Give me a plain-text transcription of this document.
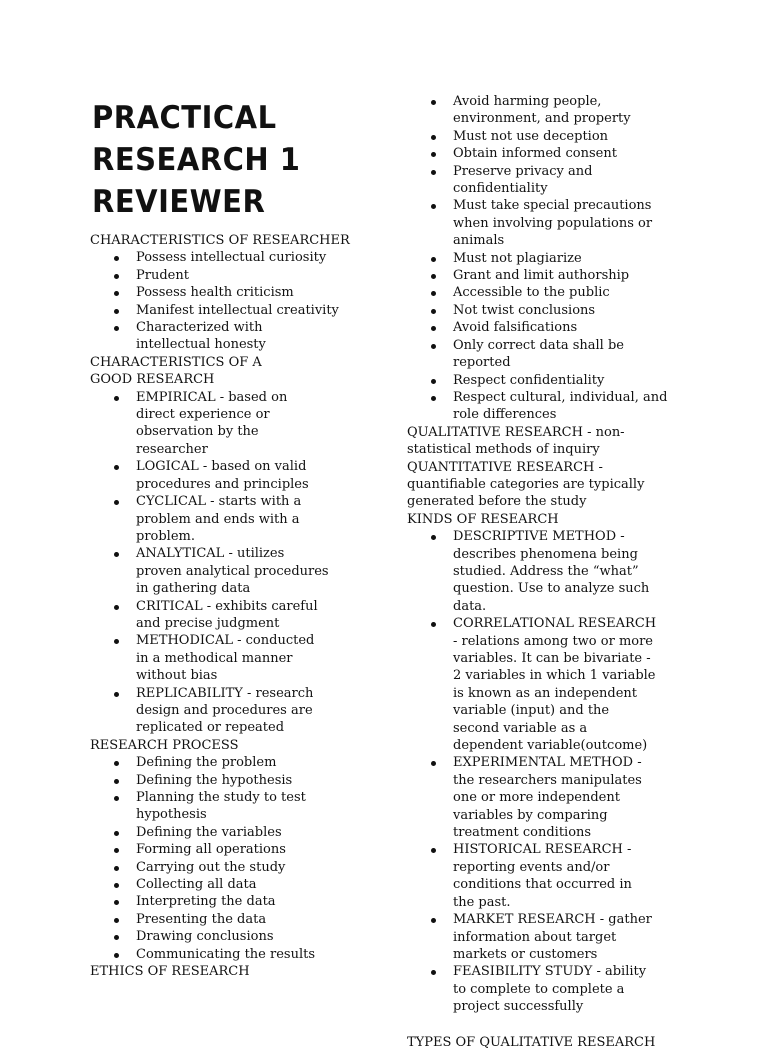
PRACTICAL
RESEARCH 1
REVIEWER
CHARACTERISTICS OF RESEARCHER
Possess intellectual curiosity
Prudent
Possess health criticism
Manifest intellectual creativity
Characterized with intellectual honesty
CHARACTERISTICS OF A GOOD RESEARCH
EMPIRICAL - based on direct experience or observation by the researcher
LOGICAL - based on valid procedures and principles
CYCLICAL - starts with a problem and ends with a problem.
ANALYTICAL - utilizes proven analytical procedures in gathering data
CRITICAL - exhibits careful and precise judgment
METHODICAL - conducted in a methodical manner without bias
REPLICABILITY - research design and procedures are replicated or repeated
RESEARCH PROCESS
Defining the problem
Defining the hypothesis
Planning the study to test hypothesis
Defining the variables
Forming all operations
Carrying out the study
Collecting all data
Interpreting the data
Presenting the data
Drawing conclusions
Communicating the results
ETHICS OF RESEARCH
Avoid harming people, environment, and property
Must not use deception
Obtain informed consent
Preserve privacy and confidentiality
Must take special precautions when involving populations or animals
Must not plagiarize
Grant and limit authorship
Accessible to the public
Not twist conclusions
Avoid falsifications
Only correct data shall be reported
Respect confidentiality
Respect cultural, individual, and role differences
QUALITATIVE RESEARCH - non-statistical methods of inquiry
QUANTITATIVE RESEARCH - quantifiable categories are typically generated before the study
KINDS OF RESEARCH
DESCRIPTIVE METHOD - describes phenomena being studied. Address the “what” question. Use to analyze such data.
CORRELATIONAL RESEARCH - relations among two or more variables. It can be bivariate - 2 variables in which 1 variable is known as an independent variable (input) and the second variable as a dependent variable(outcome)
EXPERIMENTAL METHOD - the researchers manipulates one or more independent variables by comparing treatment conditions
HISTORICAL RESEARCH - reporting events and/or conditions that occurred in the past.
MARKET RESEARCH - gather information about target markets or customers
FEASIBILITY STUDY - ability to complete to complete a project successfully
TYPES OF QUALITATIVE RESEARCH
